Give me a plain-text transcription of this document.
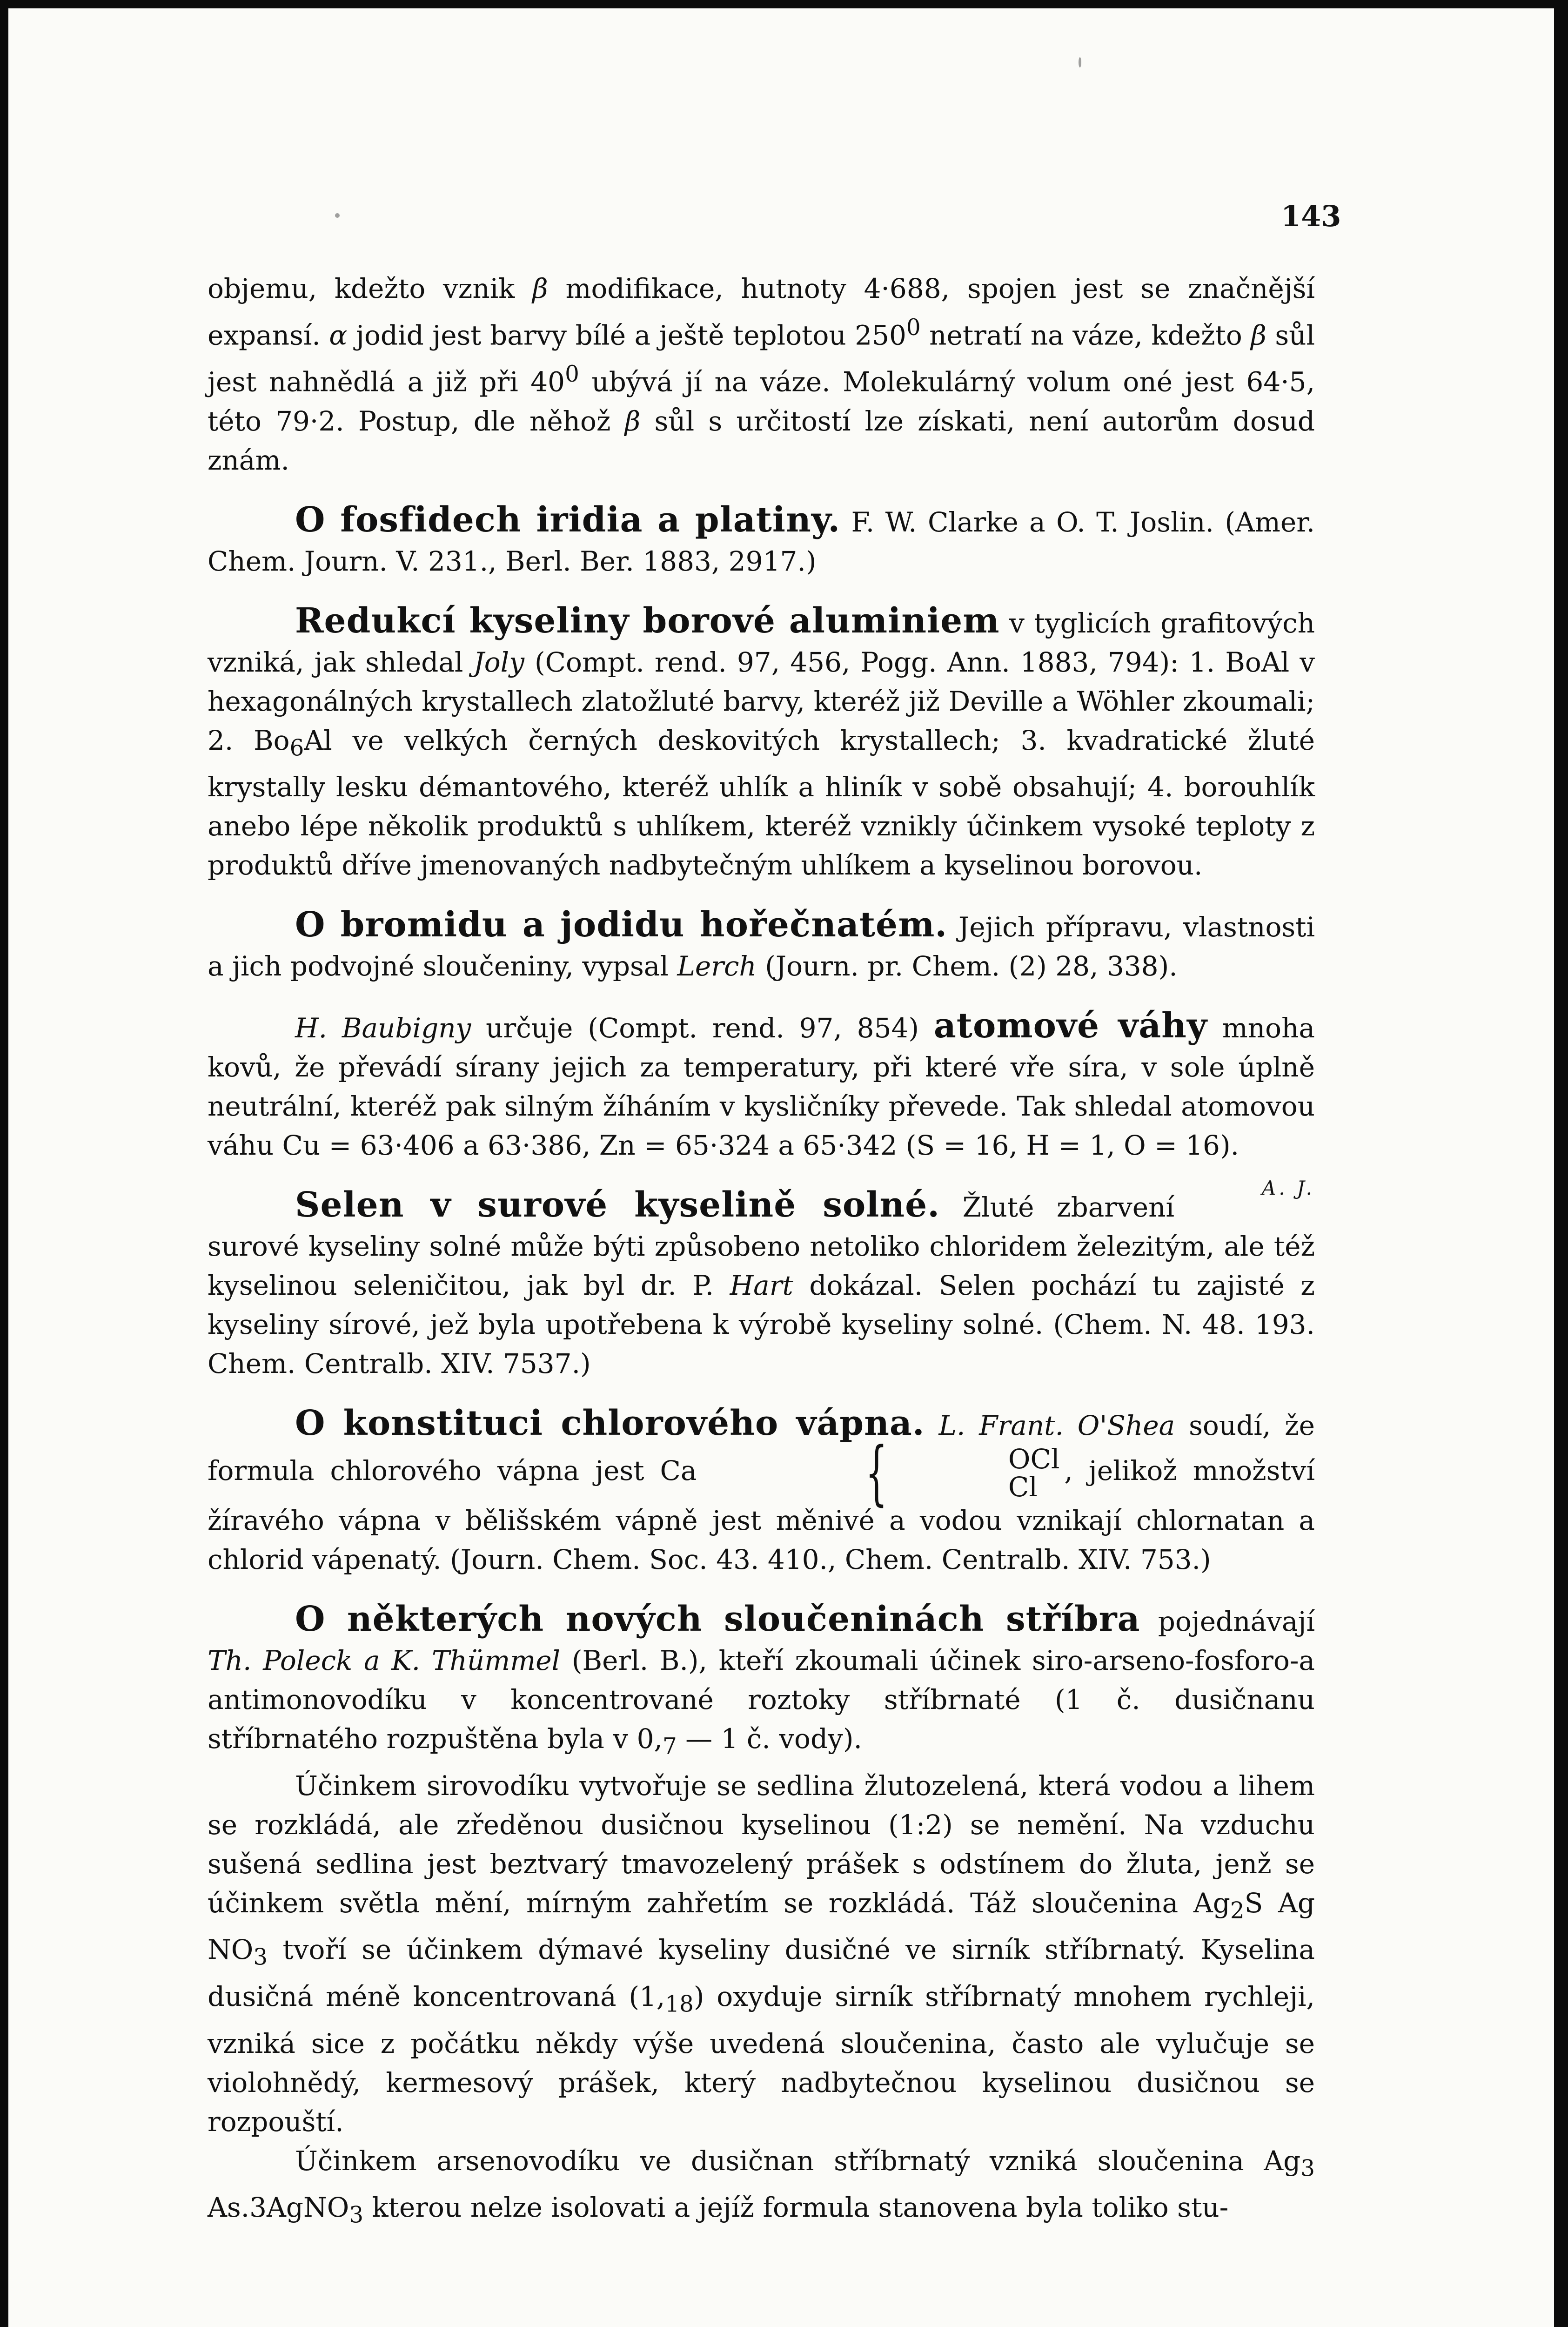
143

objemu, kdežto vznik β modifikace, hutnoty 4·688, spojen jest se značnější expansí. α jodid jest barvy bílé a ještě teplotou $250^0$ netratí na váze, kdežto β sůl jest nahnědlá a již při $40^0$ ubývá jí na váze. Molekulárný volum oné jest 64·5, této 79·2. Postup, dle něhož β sůl s určitostí lze získati, není autorům dosud znám.

O fosfidech iridia a platiny. F. W. Clarke a O. T. Joslin. (Amer. Chem. Journ. V. 231., Berl. Ber. 1883, 2917.)

Redukcí kyseliny borové aluminiem v tyglicích grafitových vzniká, jak shledal Joly (Compt. rend. 97, 456, Pogg. Ann. 1883, 794): 1. BoAl v hexagonálných krystallech zlatožluté barvy, kteréž již Deville a Wöhler zkoumali; 2. $Bo_6Al$ ve velkých černých deskovitých krystallech; 3. kvadratické žluté krystally lesku démantového, kteréž uhlík a hliník v sobě obsahují; 4. borouhlík anebo lépe několik produktů s uhlíkem, kteréž vznikly účinkem vysoké teploty z produktů dříve jmenovaných nadbytečným uhlíkem a kyselinou borovou.

O bromidu a jodidu hořečnatém. Jejich přípravu, vlastnosti a jich podvojné sloučeniny, vypsal Lerch (Journ. pr. Chem. (2) 28, 338).

H. Baubigny určuje (Compt. rend. 97, 854) atomové váhy mnoha kovů, že převádí sírany jejich za temperatury, při které vře síra, v sole úplně neutrální, kteréž pak silným žíháním v kysličníky převede. Tak shledal atomovou váhu Cu = 63·406 a 63·386, Zn = 65·324 a 65·342 (S = 16, H = 1, O = 16).
A. J.

Selen v surové kyselině solné. Žluté zbarvení surové kyseliny solné může býti způsobeno netoliko chloridem železitým, ale též kyselinou seleničitou, jak byl dr. P. Hart dokázal. Selen pochází tu zajisté z kyseliny sírové, jež byla upotřebena k výrobě kyseliny solné. (Chem. N. 48. 193. Chem. Centralb. XIV. 7537.)

O konstituci chlorového vápna. L. Frant. O'Shea soudí, že formula chlorového vápna jest Ca {	OCl
Cl
, jelikož množství žíravého vápna v bělišském vápně jest měnivé a vodou vznikají chlornatan a chlorid vápenatý. (Journ. Chem. Soc. 43. 410., Chem. Centralb. XIV. 753.)

O některých nových sloučeninách stříbra pojednávají Th. Poleck a K. Thümmel (Berl. B.), kteří zkoumali účinek siro-arseno-fosforo-a antimonovodíku v koncentrované roztoky stříbrnaté (1 č. dusičnanu stříbrnatého rozpuštěna byla v $0,_7$ — 1 č. vody).

Účinkem sirovodíku vytvořuje se sedlina žlutozelená, která vodou a lihem se rozkládá, ale zředěnou dusičnou kyselinou (1:2) se nemění. Na vzduchu sušená sedlina jest beztvarý tmavozelený prášek s odstínem do žluta, jenž se účinkem světla mění, mírným zahřetím se rozkládá. Táž sloučenina $Ag_2S$ Ag $NO_3$ tvoří se účinkem dýmavé kyseliny dusičné ve sirník stříbrnatý. Kyselina dusičná méně koncentrovaná $(1,_{18})$ oxyduje sirník stříbrnatý mnohem rychleji, vzniká sice z počátku někdy výše uvedená sloučenina, často ale vylučuje se violohnědý, kermesový prášek, který nadbytečnou kyselinou dusičnou se rozpouští.

Účinkem arsenovodíku ve dusičnan stříbrnatý vzniká sloučenina $Ag_3$ As.3AgNO$_3$ kterou nelze isolovati a jejíž formula stanovena byla toliko stu-
